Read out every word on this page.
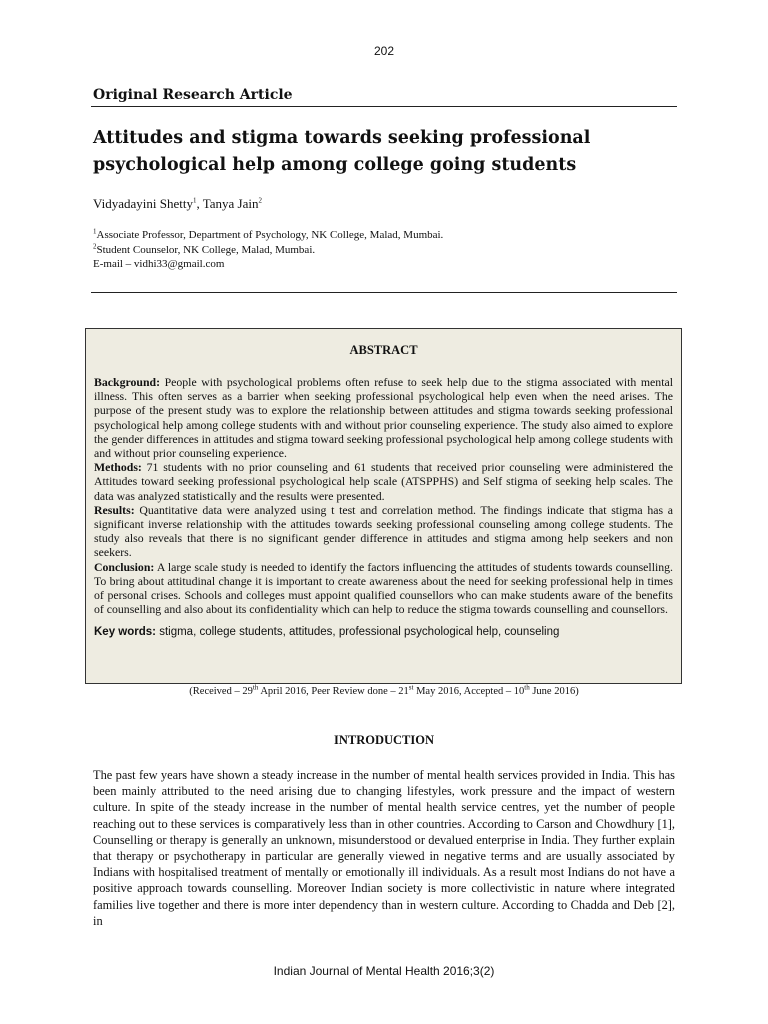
202
Original Research Article
Attitudes and stigma towards seeking professional psychological help among college going students
Vidyadayini Shetty$^1$, Tanya Jain$^2$
$^1$Associate Professor, Department of Psychology, NK College, Malad, Mumbai.
$^2$Student Counselor, NK College, Malad, Mumbai.
E-mail – vidhi33@gmail.com
ABSTRACT

Background: People with psychological problems often refuse to seek help due to the stigma associated with mental illness. This often serves as a barrier when seeking professional psychological help even when the need arises. The purpose of the present study was to explore the relationship between attitudes and stigma towards seeking professional psychological help among college students with and without prior counseling experience. The study also aimed to explore the gender differences in attitudes and stigma toward seeking professional psychological help among college students with and without prior counseling experience.

Methods: 71 students with no prior counseling and 61 students that received prior counseling were administered the Attitudes toward seeking professional psychological help scale (ATSPPHS) and Self stigma of seeking help scales. The data was analyzed statistically and the results were presented.

Results: Quantitative data were analyzed using t test and correlation method. The findings indicate that stigma has a significant inverse relationship with the attitudes towards seeking professional counseling among college students. The study also reveals that there is no significant gender difference in attitudes and stigma among help seekers and non seekers.

Conclusion: A large scale study is needed to identify the factors influencing the attitudes of students towards counselling. To bring about attitudinal change it is important to create awareness about the need for seeking professional help in times of personal crises. Schools and colleges must appoint qualified counsellors who can make students aware of the benefits of counselling and also about its confidentiality which can help to reduce the stigma towards counselling and counsellors.

Key words: stigma, college students, attitudes, professional psychological help, counseling
(Received – 29th April 2016, Peer Review done – 21st May 2016, Accepted – 10th June 2016)
INTRODUCTION

The past few years have shown a steady increase in the number of mental health services provided in India. This has been mainly attributed to the need arising due to changing lifestyles, work pressure and the impact of western culture. In spite of the steady increase in the number of mental health service centres, yet the number of people reaching out to these services is comparatively less than in other countries. According to Carson and Chowdhury [1], Counselling or therapy is generally an unknown, misunderstood or devalued enterprise in India. They further explain that therapy or psychotherapy in particular are generally viewed in negative terms and are usually associated by Indians with hospitalised treatment of mentally or emotionally ill individuals. As a result most Indians do not have a positive approach towards counselling. Moreover Indian society is more collectivistic in nature where integrated families live together and there is more inter dependency than in western culture. According to Chadda and Deb [2], in

Indian Journal of Mental Health 2016;3(2)
